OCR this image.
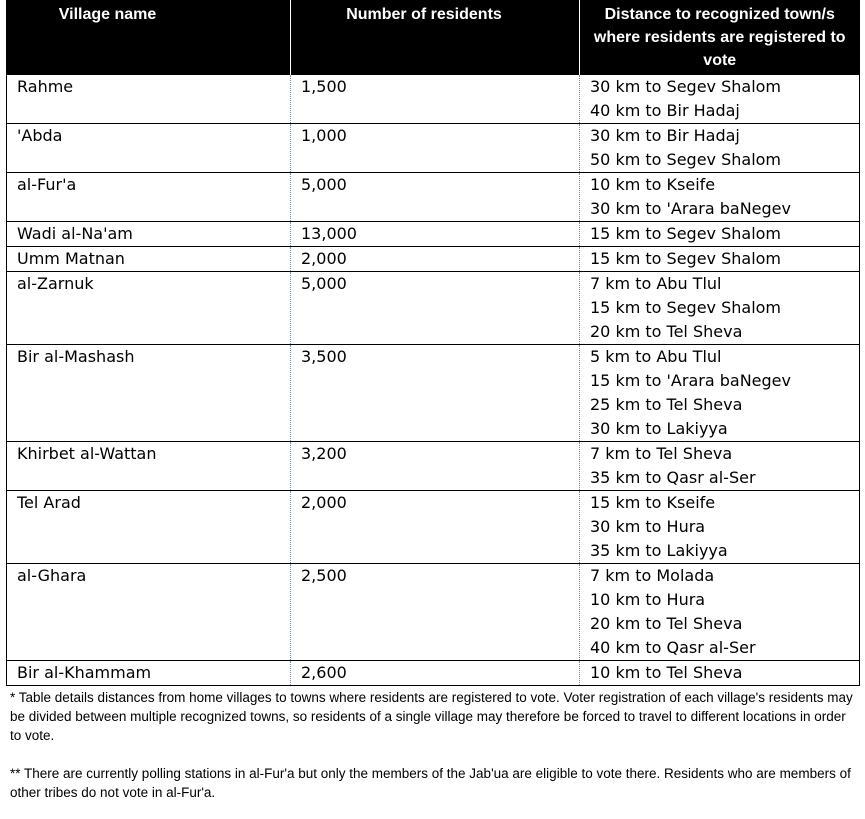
Village name	Number of residents	Distance to recognized town/s where residents are registered to vote
Rahme	1,500	30 km to Segev Shalom
40 km to Bir Hadaj

'Abda	1,000	30 km to Bir Hadaj
50 km to Segev Shalom

al-Fur'a	5,000	10 km to Kseife
30 km to 'Arara baNegev

Wadi al-Na'am	13,000	15 km to Segev Shalom

Umm Matnan	2,000	15 km to Segev Shalom

al-Zarnuk	5,000	7 km to Abu Tlul
15 km to Segev Shalom
20 km to Tel Sheva

Bir al-Mashash	3,500	5 km to Abu Tlul
15 km to 'Arara baNegev
25 km to Tel Sheva
30 km to Lakiyya

Khirbet al-Wattan	3,200	7 km to Tel Sheva
35 km to Qasr al-Ser

Tel Arad	2,000	15 km to Kseife
30 km to Hura
35 km to Lakiyya

al-Ghara	2,500	7 km to Molada
10 km to Hura
20 km to Tel Sheva
40 km to Qasr al-Ser

Bir al-Khammam	2,600	10 km to Tel Sheva

* Table details distances from home villages to towns where residents are registered to vote. Voter registration of each village's residents may be divided between multiple recognized towns, so residents of a single village may therefore be forced to travel to different locations in order to vote.

** There are currently polling stations in al-Fur'a but only the members of the Jab'ua are eligible to vote there. Residents who are members of other tribes do not vote in al-Fur'a.
